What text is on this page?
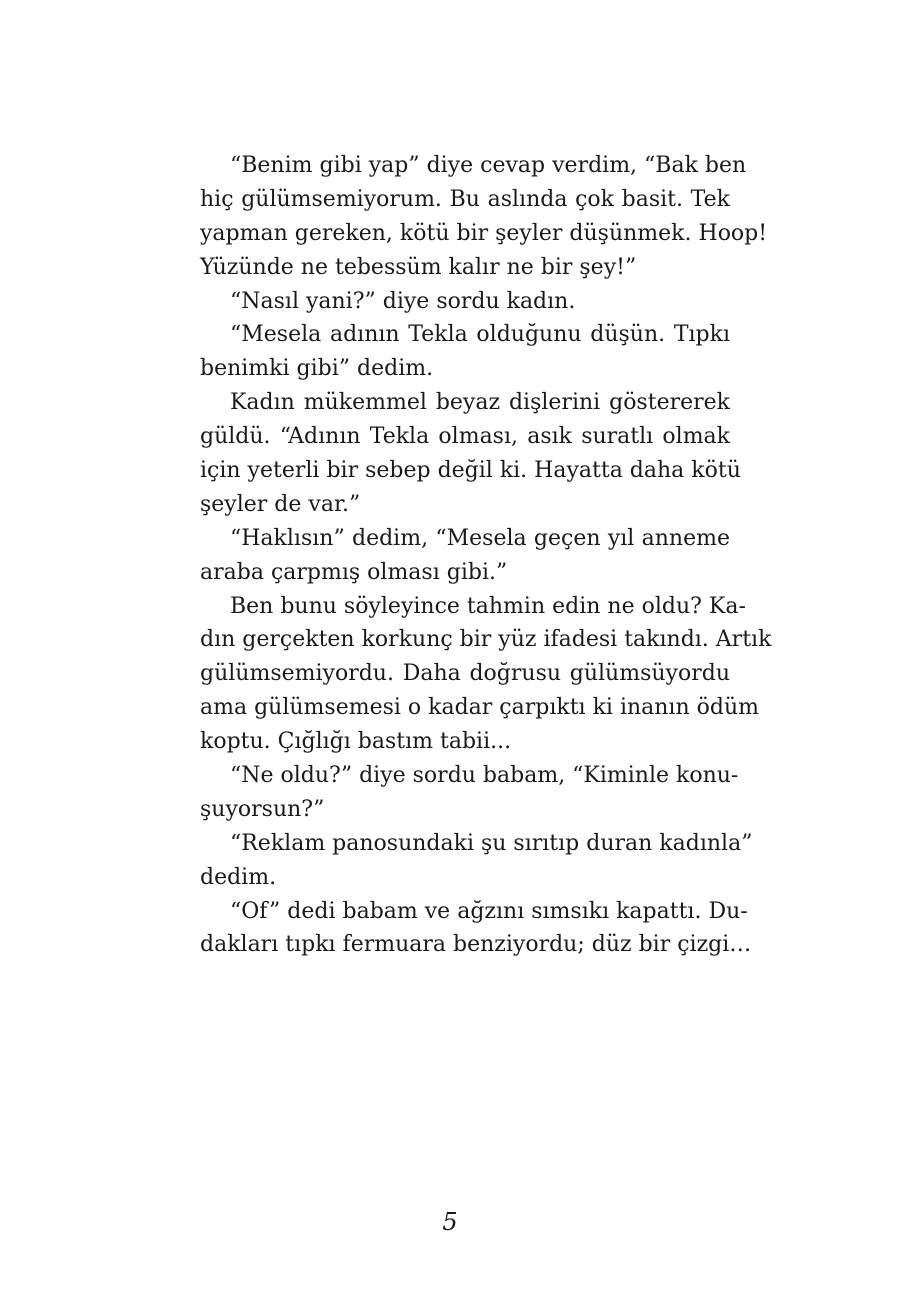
“Benim gibi yap” diye cevap verdim, “Bak ben
hiç gülümsemiyorum. Bu aslında çok basit. Tek
yapman gereken, kötü bir şeyler düşünmek. Hoop!
Yüzünde ne tebessüm kalır ne bir şey!”
“Nasıl yani?” diye sordu kadın.
“Mesela adının Tekla olduğunu düşün. Tıpkı
benimki gibi” dedim.
Kadın mükemmel beyaz dişlerini göstererek
güldü. “Adının Tekla olması, asık suratlı olmak
için yeterli bir sebep değil ki. Hayatta daha kötü
şeyler de var.”
“Haklısın” dedim, “Mesela geçen yıl anneme
araba çarpmış olması gibi.”
Ben bunu söyleyince tahmin edin ne oldu? Ka-
dın gerçekten korkunç bir yüz ifadesi takındı. Artık
gülümsemiyordu. Daha doğrusu gülümsüyordu
ama gülümsemesi o kadar çarpıktı ki inanın ödüm
koptu. Çığlığı bastım tabii...
“Ne oldu?” diye sordu babam, “Kiminle konu-
şuyorsun?”
“Reklam panosundaki şu sırıtıp duran kadınla”
dedim.
“Of” dedi babam ve ağzını sımsıkı kapattı. Du-
dakları tıpkı fermuara benziyordu; düz bir çizgi…
5
